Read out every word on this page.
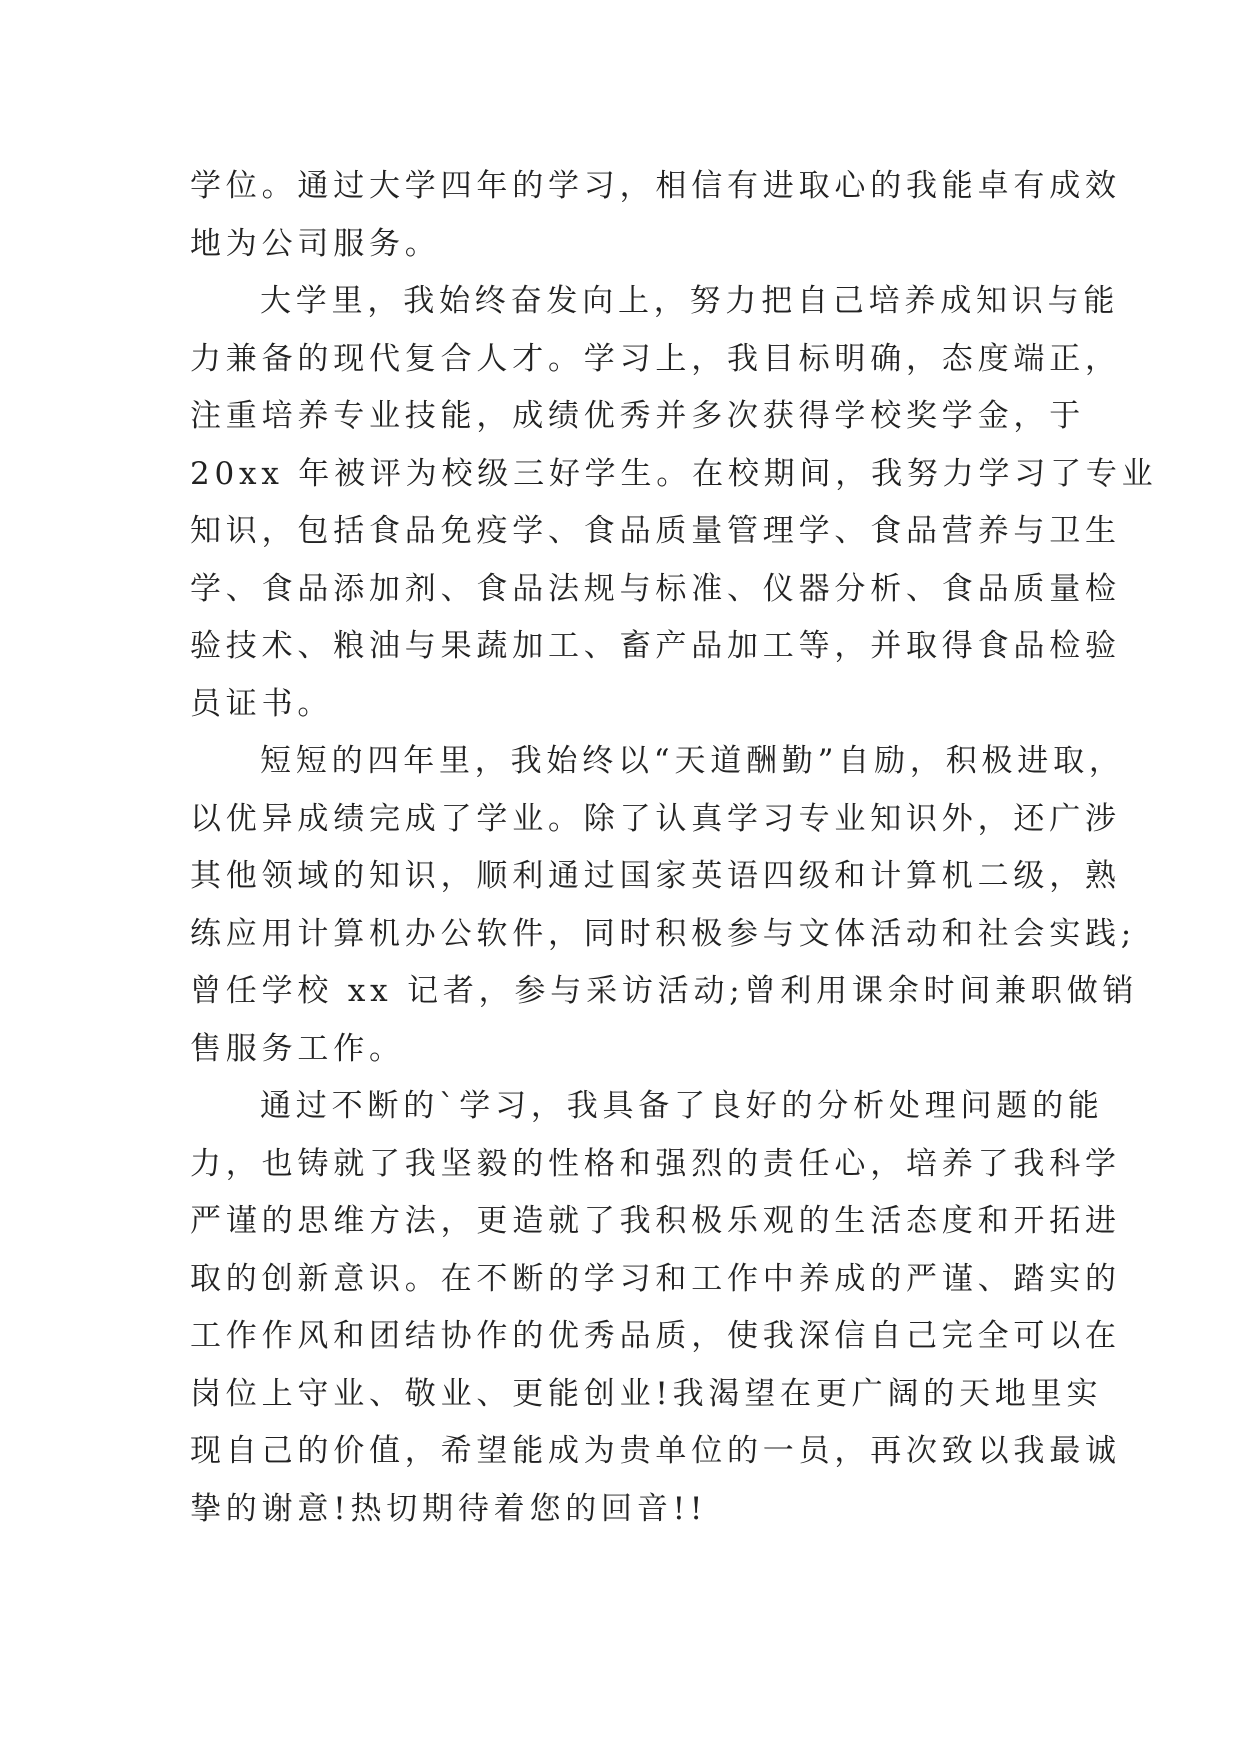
学位。通过大学四年的学习，相信有进取心的我能卓有成效
地为公司服务。
大学里，我始终奋发向上，努力把自己培养成知识与能
力兼备的现代复合人才。学习上，我目标明确，态度端正，
注重培养专业技能，成绩优秀并多次获得学校奖学金，于
20xx 年被评为校级三好学生。在校期间，我努力学习了专业
知识，包括食品免疫学、食品质量管理学、食品营养与卫生
学、食品添加剂、食品法规与标准、仪器分析、食品质量检
验技术、粮油与果蔬加工、畜产品加工等，并取得食品检验
员证书。
短短的四年里，我始终以“天道酬勤”自励，积极进取，
以优异成绩完成了学业。除了认真学习专业知识外，还广涉
其他领域的知识，顺利通过国家英语四级和计算机二级，熟
练应用计算机办公软件，同时积极参与文体活动和社会实践;
曾任学校 xx 记者，参与采访活动;曾利用课余时间兼职做销
售服务工作。
通过不断的`学习，我具备了良好的分析处理问题的能
力，也铸就了我坚毅的性格和强烈的责任心，培养了我科学
严谨的思维方法，更造就了我积极乐观的生活态度和开拓进
取的创新意识。在不断的学习和工作中养成的严谨、踏实的
工作作风和团结协作的优秀品质，使我深信自己完全可以在
岗位上守业、敬业、更能创业!我渴望在更广阔的天地里实
现自己的价值，希望能成为贵单位的一员，再次致以我最诚
挚的谢意!热切期待着您的回音!!
